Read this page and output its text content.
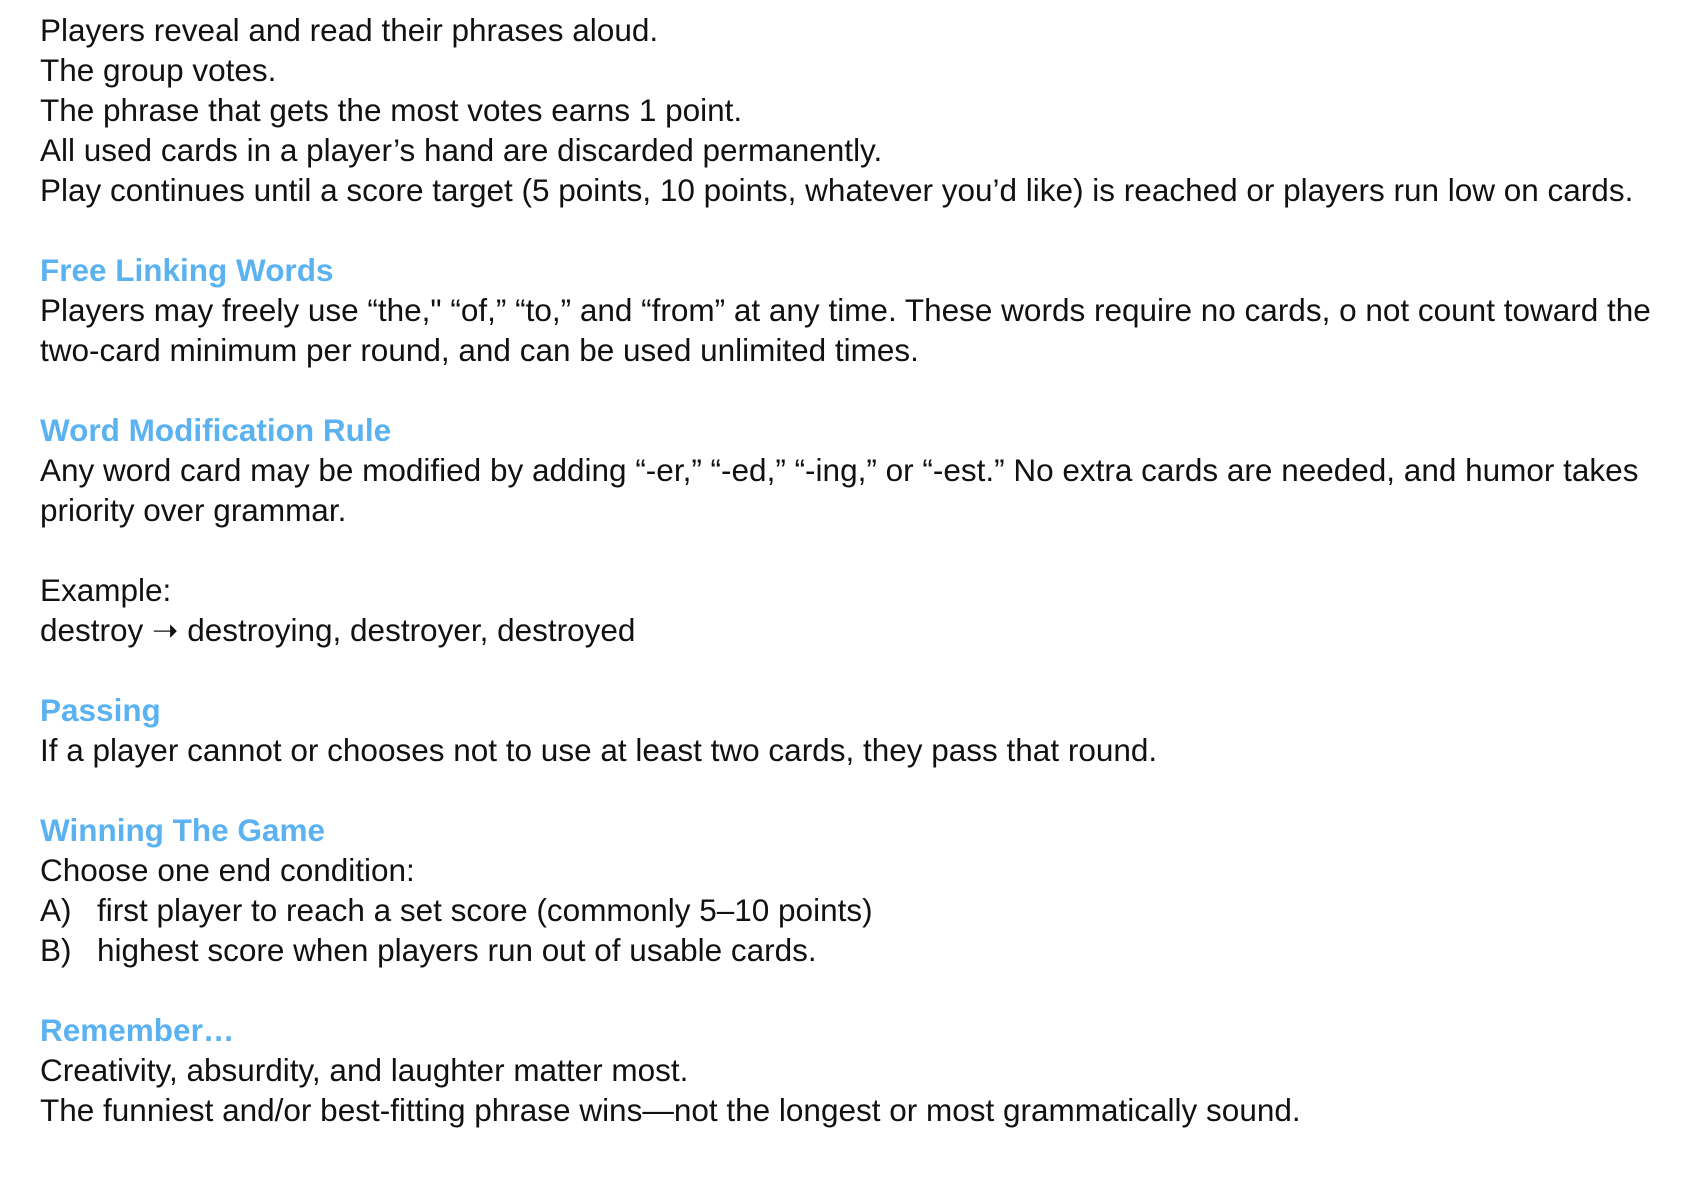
Players reveal and read their phrases aloud.
The group votes.
The phrase that gets the most votes earns 1 point.
All used cards in a player’s hand are discarded permanently.
Play continues until a score target (5 points, 10 points, whatever you’d like) is reached or players run low on cards.
Free Linking Words
Players may freely use “the," “of,” “to,” and “from” at any time. These words require no cards, o not count toward the two-card minimum per round, and can be used unlimited times.
Word Modification Rule
Any word card may be modified by adding “-er,” “-ed,” “-ing,” or “-est.” No extra cards are needed, and humor takes priority over grammar.
Example:
destroy ➝ destroying, destroyer, destroyed
Passing
If a player cannot or chooses not to use at least two cards, they pass that round.
Winning The Game
Choose one end condition:
A) first player to reach a set score (commonly 5–10 points)
B) highest score when players run out of usable cards.
Remember…
Creativity, absurdity, and laughter matter most.
The funniest and/or best-fitting phrase wins—not the longest or most grammatically sound.
